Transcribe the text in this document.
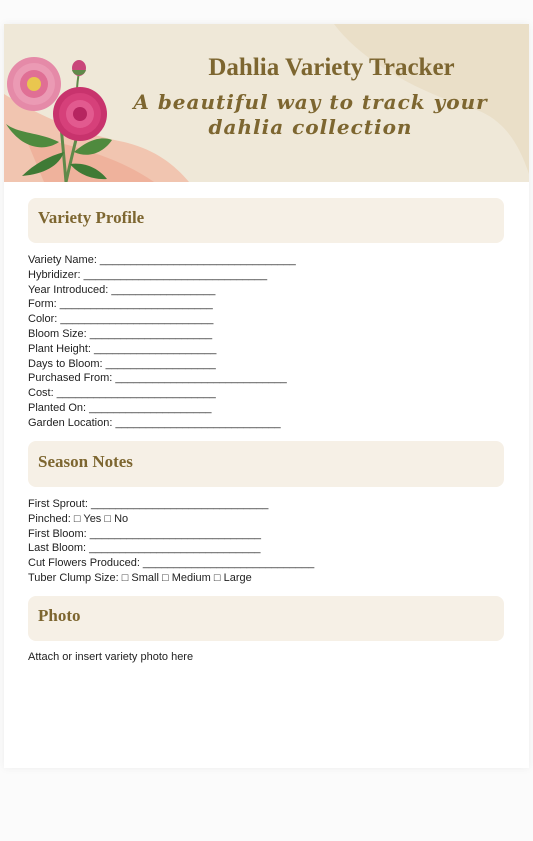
Dahlia Variety Tracker
A beautiful way to track your
dahlia collection
Variety Profile
Variety Name: ________________________________
Hybridizer: ______________________________
Year Introduced: _________________
Form: _________________________
Color: _________________________
Bloom Size: ____________________
Plant Height: ____________________
Days to Bloom: __________________
Purchased From: ____________________________
Cost: __________________________
Planted On: ____________________
Garden Location: ___________________________
Season Notes
First Sprout: _____________________________
Pinched: □ Yes □ No
First Bloom: ____________________________
Last Bloom: ____________________________
Cut Flowers Produced: ____________________________
Tuber Clump Size: □ Small □ Medium □ Large
Photo
Attach or insert variety photo here
